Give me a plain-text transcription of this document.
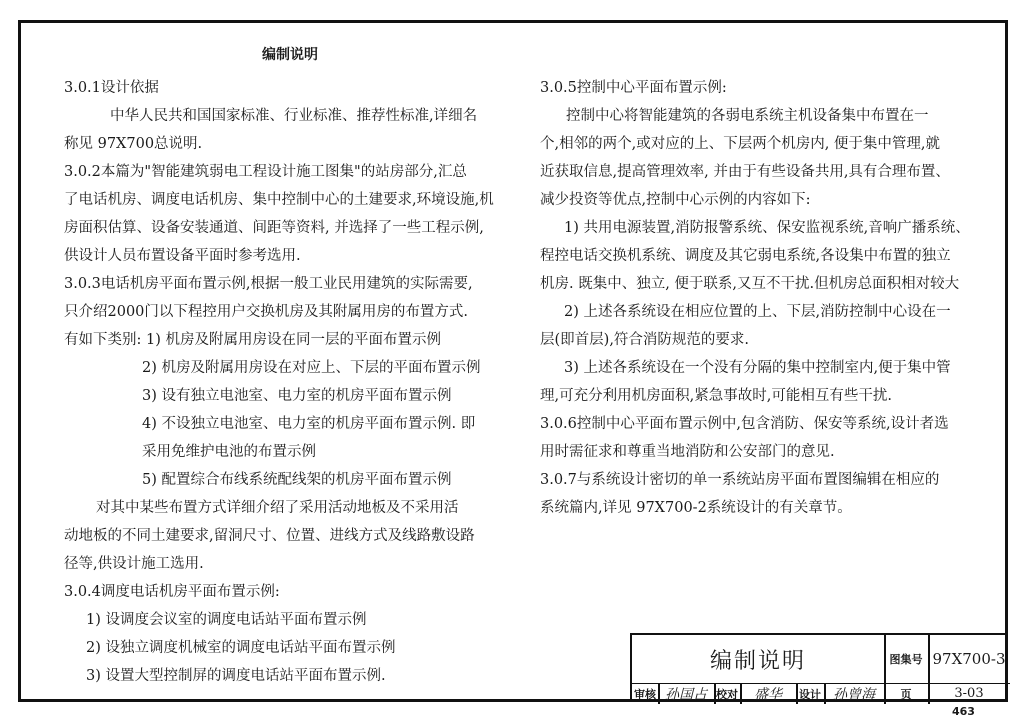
编制说明
3.0.1设计依据
中华人民共和国国家标准、行业标准、推荐性标准,详细名
称见 97X700总说明.
3.0.2本篇为"智能建筑弱电工程设计施工图集"的站房部分,汇总
了电话机房、调度电话机房、集中控制中心的土建要求,环境设施,机
房面积估算、设备安装通道、间距等资料, 并选择了一些工程示例,
供设计人员布置设备平面时参考选用.
3.0.3电话机房平面布置示例,根据一般工业民用建筑的实际需要,
只介绍2000门以下程控用户交换机房及其附属用房的布置方式.
有如下类别: 1) 机房及附属用房设在同一层的平面布置示例
2) 机房及附属用房设在对应上、下层的平面布置示例
3) 设有独立电池室、电力室的机房平面布置示例
4) 不设独立电池室、电力室的机房平面布置示例. 即
采用免维护电池的布置示例
5) 配置综合布线系统配线架的机房平面布置示例
对其中某些布置方式详细介绍了采用活动地板及不采用活
动地板的不同土建要求,留洞尺寸、位置、进线方式及线路敷设路
径等,供设计施工选用.
3.0.4调度电话机房平面布置示例:
1) 设调度会议室的调度电话站平面布置示例
2) 设独立调度机械室的调度电话站平面布置示例
3) 设置大型控制屏的调度电话站平面布置示例.
3.0.5控制中心平面布置示例:
控制中心将智能建筑的各弱电系统主机设备集中布置在一
个,相邻的两个,或对应的上、下层两个机房内, 便于集中管理,就
近获取信息,提高管理效率, 并由于有些设备共用,具有合理布置、
减少投资等优点,控制中心示例的内容如下:
1) 共用电源装置,消防报警系统、保安监视系统,音响广播系统、
程控电话交换机系统、调度及其它弱电系统,各设集中布置的独立
机房. 既集中、独立, 便于联系,又互不干扰.但机房总面积相对较大
2) 上述各系统设在相应位置的上、下层,消防控制中心设在一
层(即首层),符合消防规范的要求.
3) 上述各系统设在一个没有分隔的集中控制室内,便于集中管
理,可充分利用机房面积,紧急事故时,可能相互有些干扰.
3.0.6控制中心平面布置示例中,包含消防、保安等系统,设计者选
用时需征求和尊重当地消防和公安部门的意见.
3.0.7与系统设计密切的单一系统站房平面布置图编辑在相应的
系统篇内,详见 97X700-2系统设计的有关章节。
编制说明	图集号 97X700-3
审核 孙国占 校对	盛华	设计 孙曾海	页	3-03
463
